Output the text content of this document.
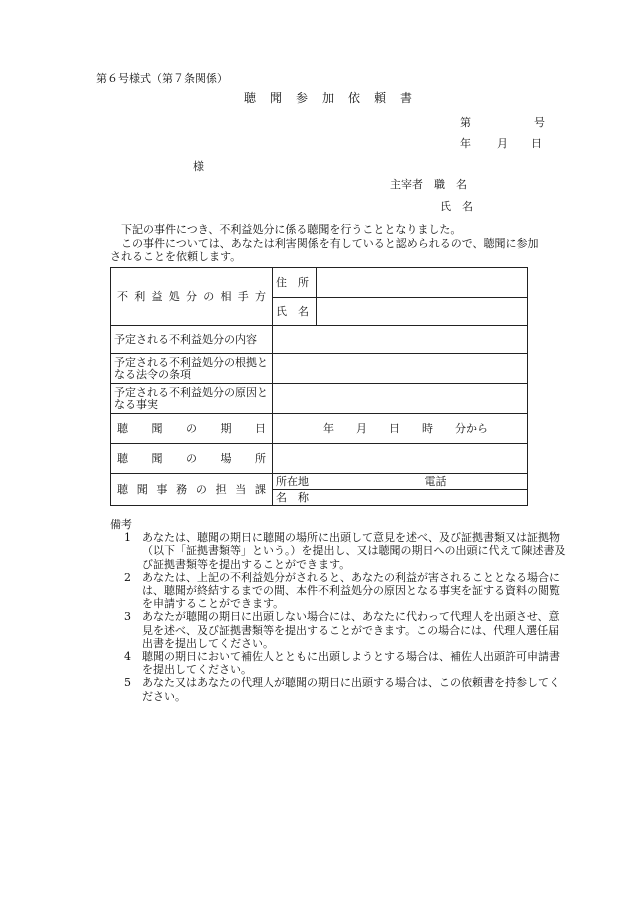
第６号様式（第７条関係）
聴　聞　参　加　依　頼　書
第	号
年 月 日
様
主宰者　職　名
氏　名
下記の事件につき、不利益処分に係る聴聞を行うこととなりました。
この事件については、あなたは利害関係を有していると認められるので、聴聞に参加
されることを依頼します。
不利益処分の相手方	住　所	
	氏　名	
予定される不利益処分の内容		
予定される不利益処分の根拠となる法令の条項		
予定される不利益処分の原因となる事実		
聴聞の期日	年　　月　　日　　時　　分から	
聴聞の場所		
聴聞事務の担当課	所在地 電話	
	名　称	
備考
1 あなたは、聴聞の期日に聴聞の場所に出頭して意見を述べ、及び証拠書類又は証拠物（以下「証拠書類等」という。）を提出し、又は聴聞の期日への出頭に代えて陳述書及び証拠書類等を提出することができます。
2 あなたは、上記の不利益処分がされると、あなたの利益が害されることとなる場合には、聴聞が終結するまでの間、本件不利益処分の原因となる事実を証する資料の閲覧を申請することができます。
3 あなたが聴聞の期日に出頭しない場合には、あなたに代わって代理人を出頭させ、意見を述べ、及び証拠書類等を提出することができます。この場合には、代理人選任届出書を提出してください。
4 聴聞の期日において補佐人とともに出頭しようとする場合は、補佐人出頭許可申請書を提出してください。
5 あなた又はあなたの代理人が聴聞の期日に出頭する場合は、この依頼書を持参してください。
